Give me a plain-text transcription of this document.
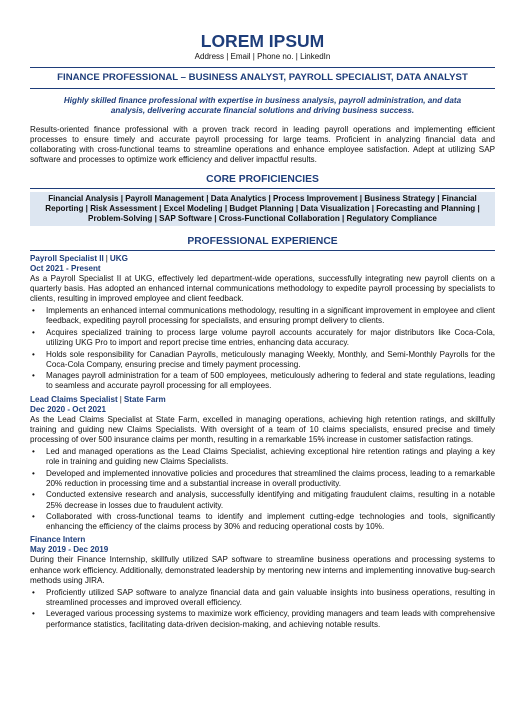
LOREM IPSUM
Address | Email | Phone no. | LinkedIn
FINANCE PROFESSIONAL – BUSINESS ANALYST, PAYROLL SPECIALIST, DATA ANALYST
Highly skilled finance professional with expertise in business analysis, payroll administration, and data analysis, delivering accurate financial solutions and driving business success.
Results-oriented finance professional with a proven track record in leading payroll operations and implementing efficient processes to ensure timely and accurate payroll processing for large teams. Proficient in analyzing financial data and collaborating with cross-functional teams to streamline operations and enhance employee satisfaction. Adept at utilizing SAP software and processes to optimize work efficiency and deliver impactful results.
CORE PROFICIENCIES
Financial Analysis | Payroll Management | Data Analytics | Process Improvement | Business Strategy | Financial Reporting | Risk Assessment | Excel Modeling | Budget Planning | Data Visualization | Forecasting and Planning | Problem-Solving | SAP Software | Cross-Functional Collaboration | Regulatory Compliance
PROFESSIONAL EXPERIENCE
Payroll Specialist II | UKG
Oct 2021 - Present
As a Payroll Specialist II at UKG, effectively led department-wide operations, successfully integrating new payroll clients on a quarterly basis. Has adopted an enhanced internal communications methodology to expedite payroll processing by specialists to clients, resulting in improved employee and client feedback.
• Implements an enhanced internal communications methodology, resulting in a significant improvement in employee and client feedback, expediting payroll processing for specialists, and ensuring prompt delivery to clients.
• Acquires specialized training to process large volume payroll accounts accurately for major distributors like Coca-Cola, utilizing UKG Pro to import and report precise time entries, enhancing data accuracy.
• Holds sole responsibility for Canadian Payrolls, meticulously managing Weekly, Monthly, and Semi-Monthly Payrolls for the Coca-Cola Company, ensuring precise and timely payment processing.
• Manages payroll administration for a team of 500 employees, meticulously adhering to federal and state regulations, leading to seamless and accurate payroll processing for all employees.
Lead Claims Specialist | State Farm
Dec 2020 - Oct 2021
As the Lead Claims Specialist at State Farm, excelled in managing operations, achieving high retention ratings, and skillfully training and guiding new Claims Specialists. With oversight of a team of 10 claims specialists, ensured precise and timely processing of over 500 insurance claims per month, resulting in a remarkable 15% increase in customer satisfaction ratings.
• Led and managed operations as the Lead Claims Specialist, achieving exceptional hire retention ratings and playing a key role in training and guiding new Claims Specialists.
• Developed and implemented innovative policies and procedures that streamlined the claims process, leading to a remarkable 20% reduction in processing time and a substantial increase in overall productivity.
• Conducted extensive research and analysis, successfully identifying and mitigating fraudulent claims, resulting in a notable 25% decrease in losses due to fraudulent activity.
• Collaborated with cross-functional teams to identify and implement cutting-edge technologies and tools, significantly enhancing the efficiency of the claims process by 30% and reducing operational costs by 10%.
Finance Intern
May 2019 - Dec 2019
During their Finance Internship, skillfully utilized SAP software to streamline business operations and processing systems to enhance work efficiency. Additionally, demonstrated leadership by mentoring new interns and implementing innovative bug-search methods using JIRA.
• Proficiently utilized SAP software to analyze financial data and gain valuable insights into business operations, resulting in streamlined processes and improved overall efficiency.
• Leveraged various processing systems to maximize work efficiency, providing managers and team leads with comprehensive performance statistics, facilitating data-driven decision-making, and achieving notable results.
